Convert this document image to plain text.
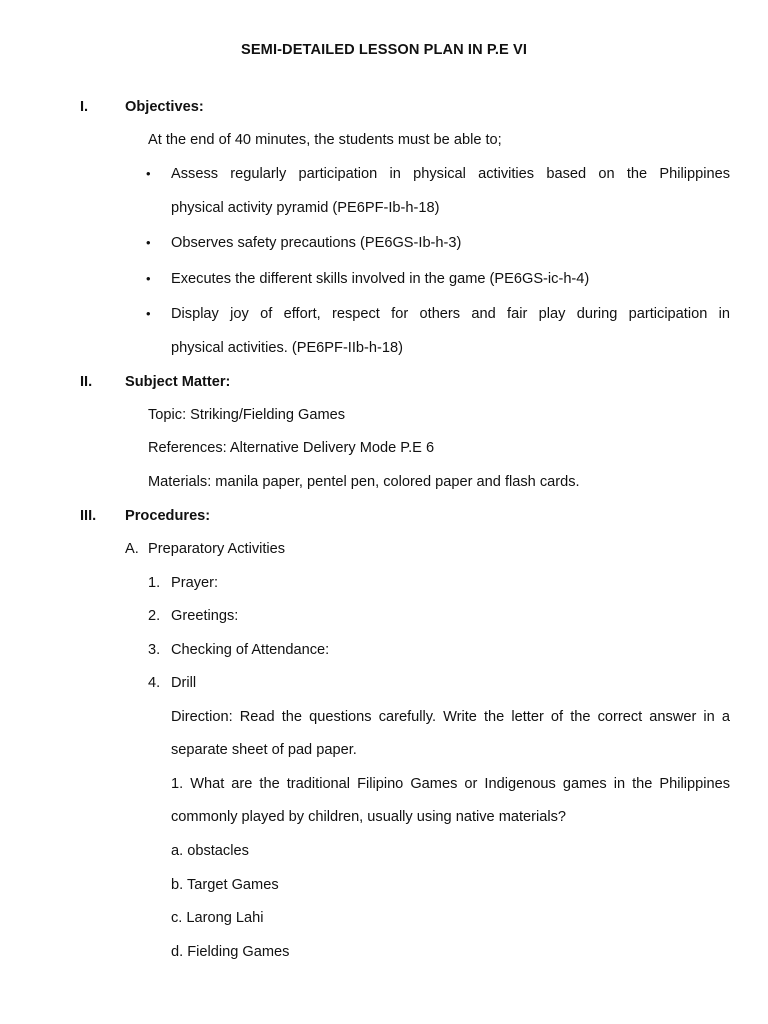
SEMI-DETAILED LESSON PLAN IN P.E VI
I.	Objectives:
At the end of 40 minutes, the students must be able to;
• Assess regularly participation in physical activities based on the Philippines
physical activity pyramid (PE6PF-Ib-h-18)
• Observes safety precautions (PE6GS-Ib-h-3)
• Executes the different skills involved in the game (PE6GS-ic-h-4)
• Display joy of effort, respect for others and fair play during participation in
physical activities. (PE6PF-IIb-h-18)
II. Subject Matter:
Topic: Striking/Fielding Games
References: Alternative Delivery Mode P.E 6
Materials: manila paper, pentel pen, colored paper and flash cards.
III. Procedures:
A. Preparatory Activities
1. Prayer:
2. Greetings:
3. Checking of Attendance:
4. Drill
Direction: Read the questions carefully. Write the letter of the correct answer in a
separate sheet of pad paper.
1. What are the traditional Filipino Games or Indigenous games in the Philippines
commonly played by children, usually using native materials?
a. obstacles
b. Target Games
c. Larong Lahi
d. Fielding Games
